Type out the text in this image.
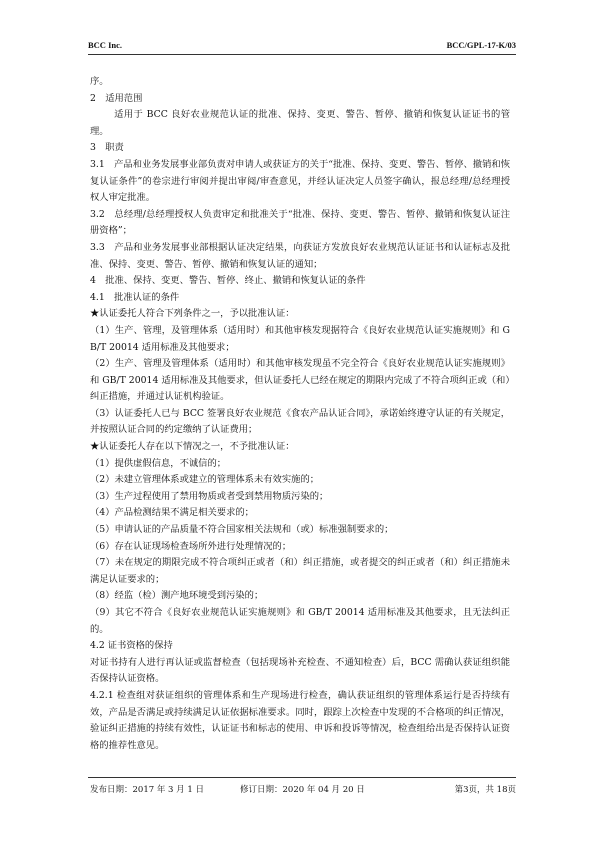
BCC Inc.	BCC/GPL-17-K/03

序。

2　适用范围

适用于 BCC 良好农业规范认证的批准、保持、变更、警告、暂停、撤销和恢复认证证书的管理。

3　职责

3.1　产品和业务发展事业部负责对申请人或获证方的关于“批准、保持、变更、警告、暂停、撤销和恢复认证条件”的卷宗进行审阅并提出审阅/审查意见，并经认证决定人员签字确认，报总经理/总经理授权人审定批准。

3.2　总经理/总经理授权人负责审定和批准关于“批准、保持、变更、警告、暂停、撤销和恢复认证注册资格”；

3.3　产品和业务发展事业部根据认证决定结果，向获证方发放良好农业规范认证证书和认证标志及批准、保持、变更、警告、暂停、撤销和恢复认证的通知；

4　批准、保持、变更、警告、暂停、终止、撤销和恢复认证的条件

4.1　批准认证的条件

★认证委托人符合下列条件之一，予以批准认证：

（1）生产、管理，及管理体系（适用时）和其他审核发现据符合《良好农业规范认证实施规则》和 GB/T 20014 适用标准及其他要求；

（2）生产、管理及管理体系（适用时）和其他审核发现虽不完全符合《良好农业规范认证实施规则》和 GB/T 20014 适用标准及其他要求，但认证委托人已经在规定的期限内完成了不符合项纠正或（和）纠正措施，并通过认证机构验证。

（3）认证委托人已与 BCC 签署良好农业规范《食农产品认证合同》，承诺始终遵守认证的有关规定，并按照认证合同的约定缴纳了认证费用；

★认证委托人存在以下情况之一，不予批准认证：

（1）提供虚假信息，不诚信的；

（2）未建立管理体系或建立的管理体系未有效实施的；

（3）生产过程使用了禁用物质或者受到禁用物质污染的；

（4）产品检测结果不满足相关要求的；

（5）申请认证的产品质量不符合国家相关法规和（或）标准强制要求的；

（6）存在认证现场检查场所外进行处理情况的；

（7）未在规定的期限完成不符合项纠正或者（和）纠正措施，或者提交的纠正或者（和）纠正措施未满足认证要求的；

（8）经监（检）测产地环境受到污染的；

（9）其它不符合《良好农业规范认证实施规则》和 GB/T 20014 适用标准及其他要求，且无法纠正的。

4.2 证书资格的保持

对证书持有人进行再认证或监督检查（包括现场补充检查、不通知检查）后，BCC 需确认获证组织能否保持认证资格。

4.2.1 检查组对获证组织的管理体系和生产现场进行检查，确认获证组织的管理体系运行是否持续有效，产品是否满足或持续满足认证依据标准要求。同时，跟踪上次检查中发现的不合格项的纠正情况，验证纠正措施的持续有效性，认证证书和标志的使用、申诉和投诉等情况，检查组给出是否保持认证资格的推荐性意见。

发布日期：2017 年 3 月 1 日	修订日期：2020 年 04 月 20 日	第3页，共 18页
